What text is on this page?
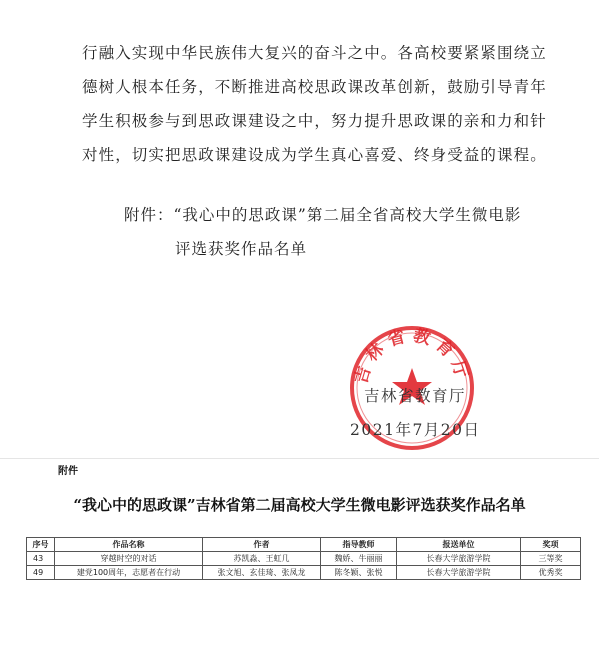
行融入实现中华民族伟大复兴的奋斗之中。各高校要紧紧围绕立
德树人根本任务，不断推进高校思政课改革创新，鼓励引导青年
学生积极参与到思政课建设之中，努力提升思政课的亲和力和针
对性，切实把思政课建设成为学生真心喜爱、终身受益的课程。
附件：“我心中的思政课”第二届全省高校大学生微电影
评选获奖作品名单
吉林省教育厅
吉林省教育厅
2021年7月20日
附件
“我心中的思政课”吉林省第二届高校大学生微电影评选获奖作品名单
序号	作品名称	作者	指导教师	报送单位	奖项
43	穿越时空的对话	苏凯淼、王虹几	魏娇、牛丽丽	长春大学旅游学院	三等奖
49	建党100周年，志愿者在行动	张文旭、玄佳琦、张凤龙	陈冬颖、张悦	长春大学旅游学院	优秀奖
